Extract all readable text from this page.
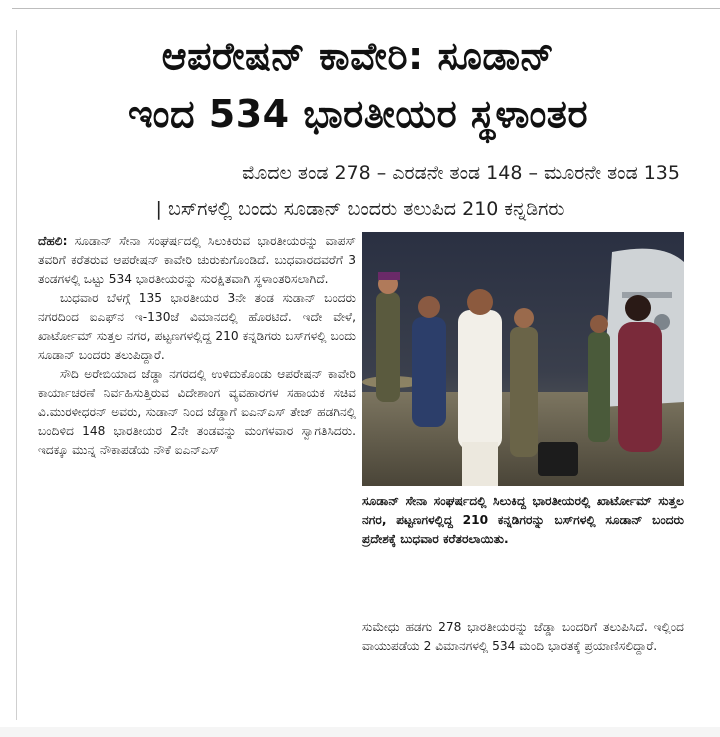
ಆಪರೇಷನ್ ಕಾವೇರಿ: ಸೂಡಾನ್
ಇಂದ 534 ಭಾರತೀಯರ ಸ್ಥಳಾಂತರ
ಮೊದಲ ತಂಡ 278 – ಎರಡನೇ ತಂಡ 148 – ಮೂರನೇ ತಂಡ 135
| ಬಸ್‌ಗಳಲ್ಲಿ ಬಂದು ಸೂಡಾನ್ ಬಂದರು ತಲುಪಿದ 210 ಕನ್ನಡಿಗರು

ದೆಹಲಿ: ಸೂಡಾನ್ ಸೇನಾ ಸಂಘರ್ಷದಲ್ಲಿ ಸಿಲುಕಿರುವ ಭಾರತೀಯರನ್ನು ವಾಪಸ್ ತವರಿಗೆ ಕರೆತರುವ ಆಪರೇಷನ್ ಕಾವೇರಿ ಚುರುಕುಗೊಂಡಿದೆ. ಬುಧವಾರದವರೆಗೆ 3 ತಂಡಗಳಲ್ಲಿ ಒಟ್ಟು 534 ಭಾರತೀಯರನ್ನು ಸುರಕ್ಷಿತವಾಗಿ ಸ್ಥಳಾಂತರಿಸಲಾಗಿದೆ.

ಬುಧವಾರ ಬೆಳಗ್ಗೆ 135 ಭಾರತೀಯರ 3ನೇ ತಂಡ ಸುಡಾನ್ ಬಂದರು ನಗರದಿಂದ ಐಎಫ್‌ನ ಇ-130ಜೆ ವಿಮಾನದಲ್ಲಿ ಹೊರಟಿದೆ. ಇದೇ ವೇಳೆ, ಖಾರ್ಟೋಮ್ ಸುತ್ತಲ ನಗರ, ಪಟ್ಟಣಗಳಲ್ಲಿದ್ದ 210 ಕನ್ನಡಿಗರು ಬಸ್‌ಗಳಲ್ಲಿ ಬಂದು ಸೂಡಾನ್ ಬಂದರು ತಲುಪಿದ್ದಾರೆ.

ಸೌದಿ ಅರೇಬಿಯಾದ ಜೆಡ್ಡಾ ನಗರದಲ್ಲಿ ಉಳಿದುಕೊಂಡು ಆಪರೇಷನ್ ಕಾವೇರಿ ಕಾರ್ಯಾಚರಣೆ ನಿರ್ವಹಿಸುತ್ತಿರುವ ವಿದೇಶಾಂಗ ವ್ಯವಹಾರಗಳ ಸಹಾಯಕ ಸಚಿವ ವಿ.ಮುರಳೀಧರನ್ ಅವರು, ಸುಡಾನ್ ನಿಂದ ಜೆಡ್ಡಾಗೆ ಐಎನ್‌ಎಸ್ ತೇಜ್ ಹಡಗಿನಲ್ಲಿ ಬಂದಿಳಿದ 148 ಭಾರತೀಯರ 2ನೇ ತಂಡವನ್ನು ಮಂಗಳವಾರ ಸ್ವಾಗತಿಸಿದರು. ಇದಕ್ಕೂ ಮುನ್ನ ನೌಕಾಪಡೆಯ ನೌಕೆ ಐಎನ್‌ಎಸ್

ಸೂಡಾನ್ ಸೇನಾ ಸಂಘರ್ಷದಲ್ಲಿ ಸಿಲುಕಿದ್ದ ಭಾರತೀಯರಲ್ಲಿ ಖಾರ್ಟೋಮ್ ಸುತ್ತಲ ನಗರ, ಪಟ್ಟಣಗಳಲ್ಲಿದ್ದ 210 ಕನ್ನಡಿಗರನ್ನು ಬಸ್‌ಗಳಲ್ಲಿ ಸೂಡಾನ್ ಬಂದರು ಪ್ರದೇಶಕ್ಕೆ ಬುಧವಾರ ಕರೆತರಲಾಯಿತು.
ಸುಮೇಧು ಹಡಗು 278 ಭಾರತೀಯರನ್ನು ಜೆಡ್ಡಾ ಬಂದರಿಗೆ ತಲುಪಿಸಿದೆ. ಇಲ್ಲಿಂದ ವಾಯುಪಡೆಯ 2 ವಿಮಾನಗಳಲ್ಲಿ 534 ಮಂದಿ ಭಾರತಕ್ಕೆ ಪ್ರಯಾಣಿಸಲಿದ್ದಾರೆ.
